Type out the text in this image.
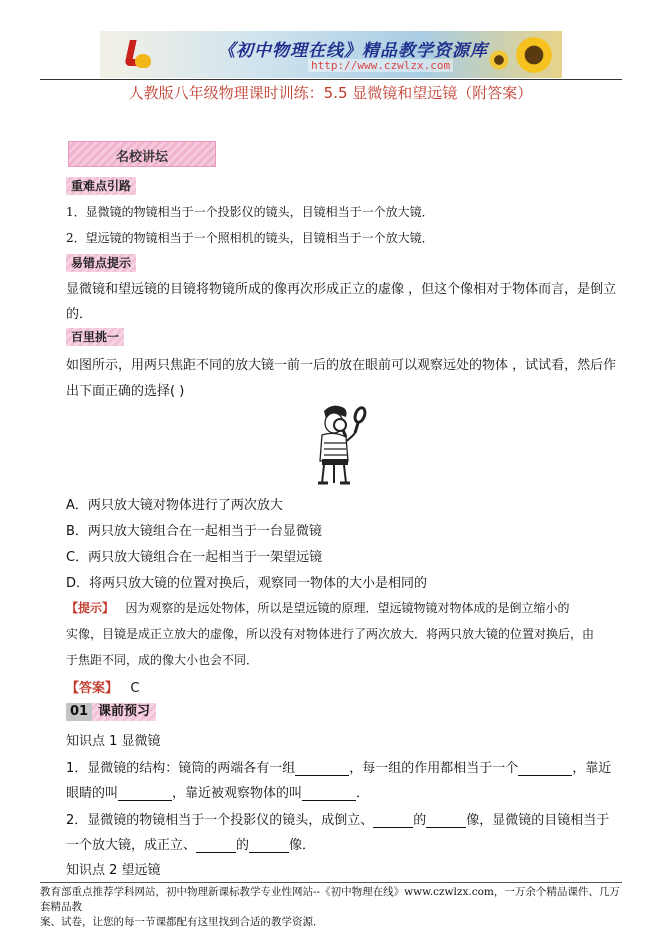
《初中物理在线》精品教学资源库
http://www.czwlzx.com
人教版八年级物理课时训练：5.5 显微镜和望远镜（附答案）
名校讲坛
重难点引路
1．显微镜的物镜相当于一个投影仪的镜头，目镜相当于一个放大镜．
2．望远镜的物镜相当于一个照相机的镜头，目镜相当于一个放大镜．
易错点提示
显微镜和望远镜的目镜将物镜所成的像再次形成正立的虚像 ，但这个像相对于物体而言，是倒立
的．
百里挑一
如图所示，用两只焦距不同的放大镜一前一后的放在眼前可以观察远处的物体 ，试试看，然后作
出下面正确的选择( )
A．两只放大镜对物体进行了两次放大
B．两只放大镜组合在一起相当于一台显微镜
C．两只放大镜组合在一起相当于一架望远镜
D．将两只放大镜的位置对换后，观察同一物体的大小是相同的
【提示】 因为观察的是远处物体，所以是望远镜的原理．望远镜物镜对物体成的是倒立缩小的
实像，目镜是成正立放大的虚像，所以没有对物体进行了两次放大．将两只放大镜的位置对换后，由
于焦距不同，成的像大小也会不同．
【答案】 C
01 课前预习
知识点 1 显微镜
1．显微镜的结构：镜筒的两端各有一组	，每一组的作用都相当于一个	，靠近
眼睛的叫	，靠近被观察物体的叫	．
2．显微镜的物镜相当于一个投影仪的镜头，成倒立、	的	像，显微镜的目镜相当于
一个放大镜，成正立、	的	像．
知识点 2 望远镜
教育部重点推荐学科网站，初中物理新课标教学专业性网站--《初中物理在线》www.czwlzx.com，一万余个精品课件、几万套精品教
案、试卷，让您的每一节课都配有这里找到合适的教学资源．
